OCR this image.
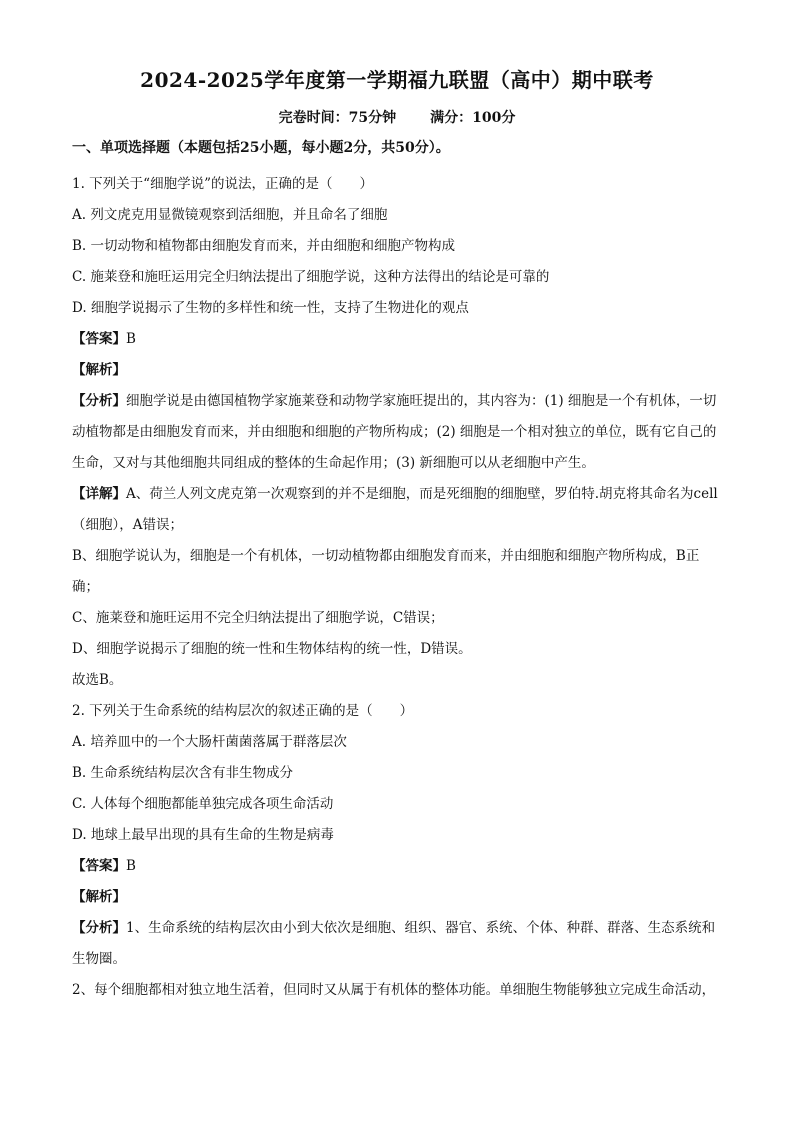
2024-2025学年度第一学期福九联盟（高中）期中联考
完卷时间：75分钟 满分：100分
一、单项选择题（本题包括25小题，每小题2分，共50分）。

1. 下列关于“细胞学说”的说法，正确的是（　　）

A. 列文虎克用显微镜观察到活细胞，并且命名了细胞

B. 一切动物和植物都由细胞发育而来，并由细胞和细胞产物构成

C. 施莱登和施旺运用完全归纳法提出了细胞学说，这种方法得出的结论是可靠的

D. 细胞学说揭示了生物的多样性和统一性，支持了生物进化的观点

【答案】B

【解析】

【分析】细胞学说是由德国植物学家施莱登和动物学家施旺提出的，其内容为：(1) 细胞是一个有机体，一切动植物都是由细胞发育而来，并由细胞和细胞的产物所构成；(2) 细胞是一个相对独立的单位，既有它自己的生命，又对与其他细胞共同组成的整体的生命起作用；(3) 新细胞可以从老细胞中产生。

【详解】A、荷兰人列文虎克第一次观察到的并不是细胞，而是死细胞的细胞壁，罗伯特.胡克将其命名为cell（细胞），A错误；

B、细胞学说认为，细胞是一个有机体，一切动植物都由细胞发育而来，并由细胞和细胞产物所构成，B正确；

C、施莱登和施旺运用不完全归纳法提出了细胞学说，C错误；

D、细胞学说揭示了细胞的统一性和生物体结构的统一性，D错误。

故选B。

2. 下列关于生命系统的结构层次的叙述正确的是（　　）

A. 培养皿中的一个大肠杆菌菌落属于群落层次

B. 生命系统结构层次含有非生物成分

C. 人体每个细胞都能单独完成各项生命活动

D. 地球上最早出现的具有生命的生物是病毒

【答案】B

【解析】

【分析】1、生命系统的结构层次由小到大依次是细胞、组织、器官、系统、个体、种群、群落、生态系统和生物圈。

2、每个细胞都相对独立地生活着，但同时又从属于有机体的整体功能。单细胞生物能够独立完成生命活动，
